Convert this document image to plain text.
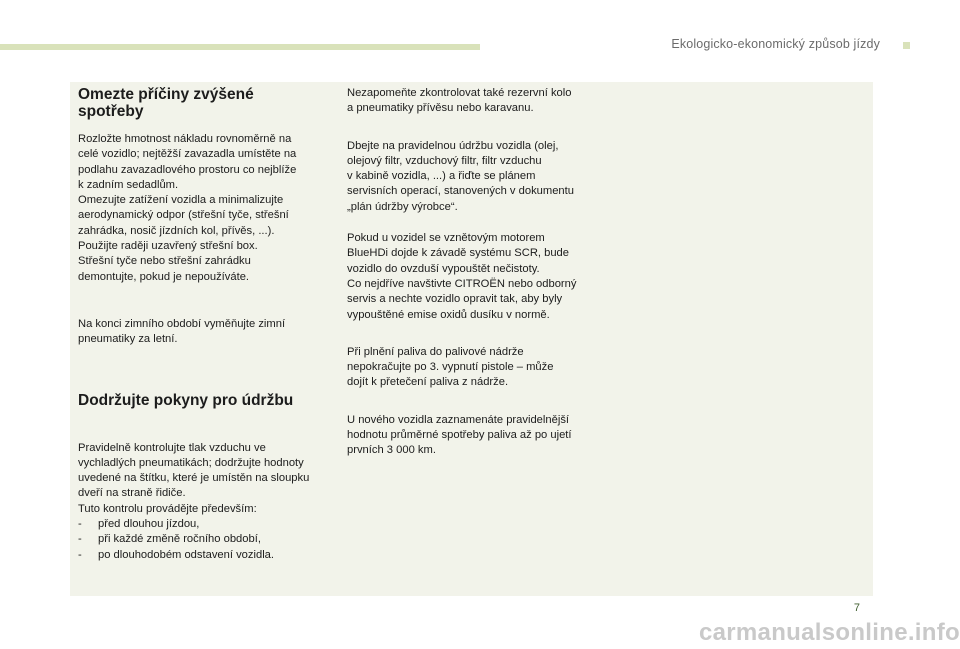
Ekologicko-ekonomický způsob jízdy

Omezte příčiny zvýšené
spotřeby

Rozložte hmotnost nákladu rovnoměrně na
celé vozidlo; nejtěžší zavazadla umístěte na
podlahu zavazadlového prostoru co nejblíže
k zadním sedadlům.
Omezujte zatížení vozidla a minimalizujte
aerodynamický odpor (střešní tyče, střešní
zahrádka, nosič jízdních kol, přívěs, ...).
Použijte raději uzavřený střešní box.
Střešní tyče nebo střešní zahrádku
demontujte, pokud je nepoužíváte.

Na konci zimního období vyměňujte zimní
pneumatiky za letní.

Dodržujte pokyny pro údržbu

Pravidelně kontrolujte tlak vzduchu ve
vychladlých pneumatikách; dodržujte hodnoty
uvedené na štítku, které je umístěn na sloupku
dveří na straně řidiče.
Tuto kontrolu provádějte především:

- před dlouhou jízdou,
- při každé změně ročního období,
- po dlouhodobém odstavení vozidla.

Nezapomeňte zkontrolovat také rezervní kolo
a pneumatiky přívěsu nebo karavanu.

Dbejte na pravidelnou údržbu vozidla (olej,
olejový filtr, vzduchový filtr, filtr vzduchu
v kabině vozidla, ...) a řiďte se plánem
servisních operací, stanovených v dokumentu
„plán údržby výrobce“.

Pokud u vozidel se vznětovým motorem
BlueHDi dojde k závadě systému SCR, bude
vozidlo do ovzduší vypouštět nečistoty.
Co nejdříve navštivte CITROËN nebo odborný
servis a nechte vozidlo opravit tak, aby byly
vypouštěné emise oxidů dusíku v normě.

Při plnění paliva do palivové nádrže
nepokračujte po 3. vypnutí pistole – může
dojít k přetečení paliva z nádrže.

U nového vozidla zaznamenáte pravidelnější
hodnotu průměrné spotřeby paliva až po ujetí
prvních 3 000 km.

7
carmanualsonline.info
